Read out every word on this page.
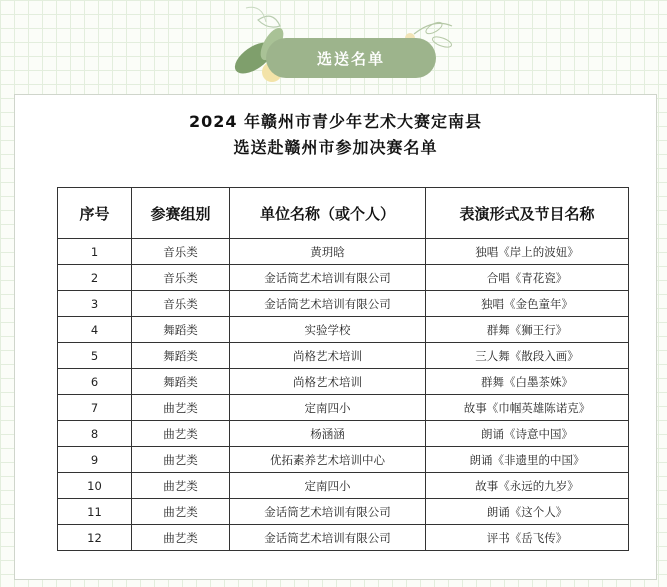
选送名单
2024 年赣州市青少年艺术大赛定南县
选送赴赣州市参加决赛名单
序号	参赛组别	单位名称（或个人）	表演形式及节目名称
1	音乐类	黄玥晗	独唱《岸上的波妞》
2	音乐类	金话筒艺术培训有限公司	合唱《青花瓷》
3	音乐类	金话筒艺术培训有限公司	独唱《金色童年》
4	舞蹈类	实验学校	群舞《狮王行》
5	舞蹈类	尚格艺术培训	三人舞《散段入画》
6	舞蹈类	尚格艺术培训	群舞《白墨茶姝》
7	曲艺类	定南四小	故事《巾帼英雄陈诺克》
8	曲艺类	杨涵涵	朗诵《诗意中国》
9	曲艺类	优拓素养艺术培训中心	朗诵《非遗里的中国》
10	曲艺类	定南四小	故事《永远的九岁》
11	曲艺类	金话筒艺术培训有限公司	朗诵《这个人》
12	曲艺类	金话筒艺术培训有限公司	评书《岳飞传》
